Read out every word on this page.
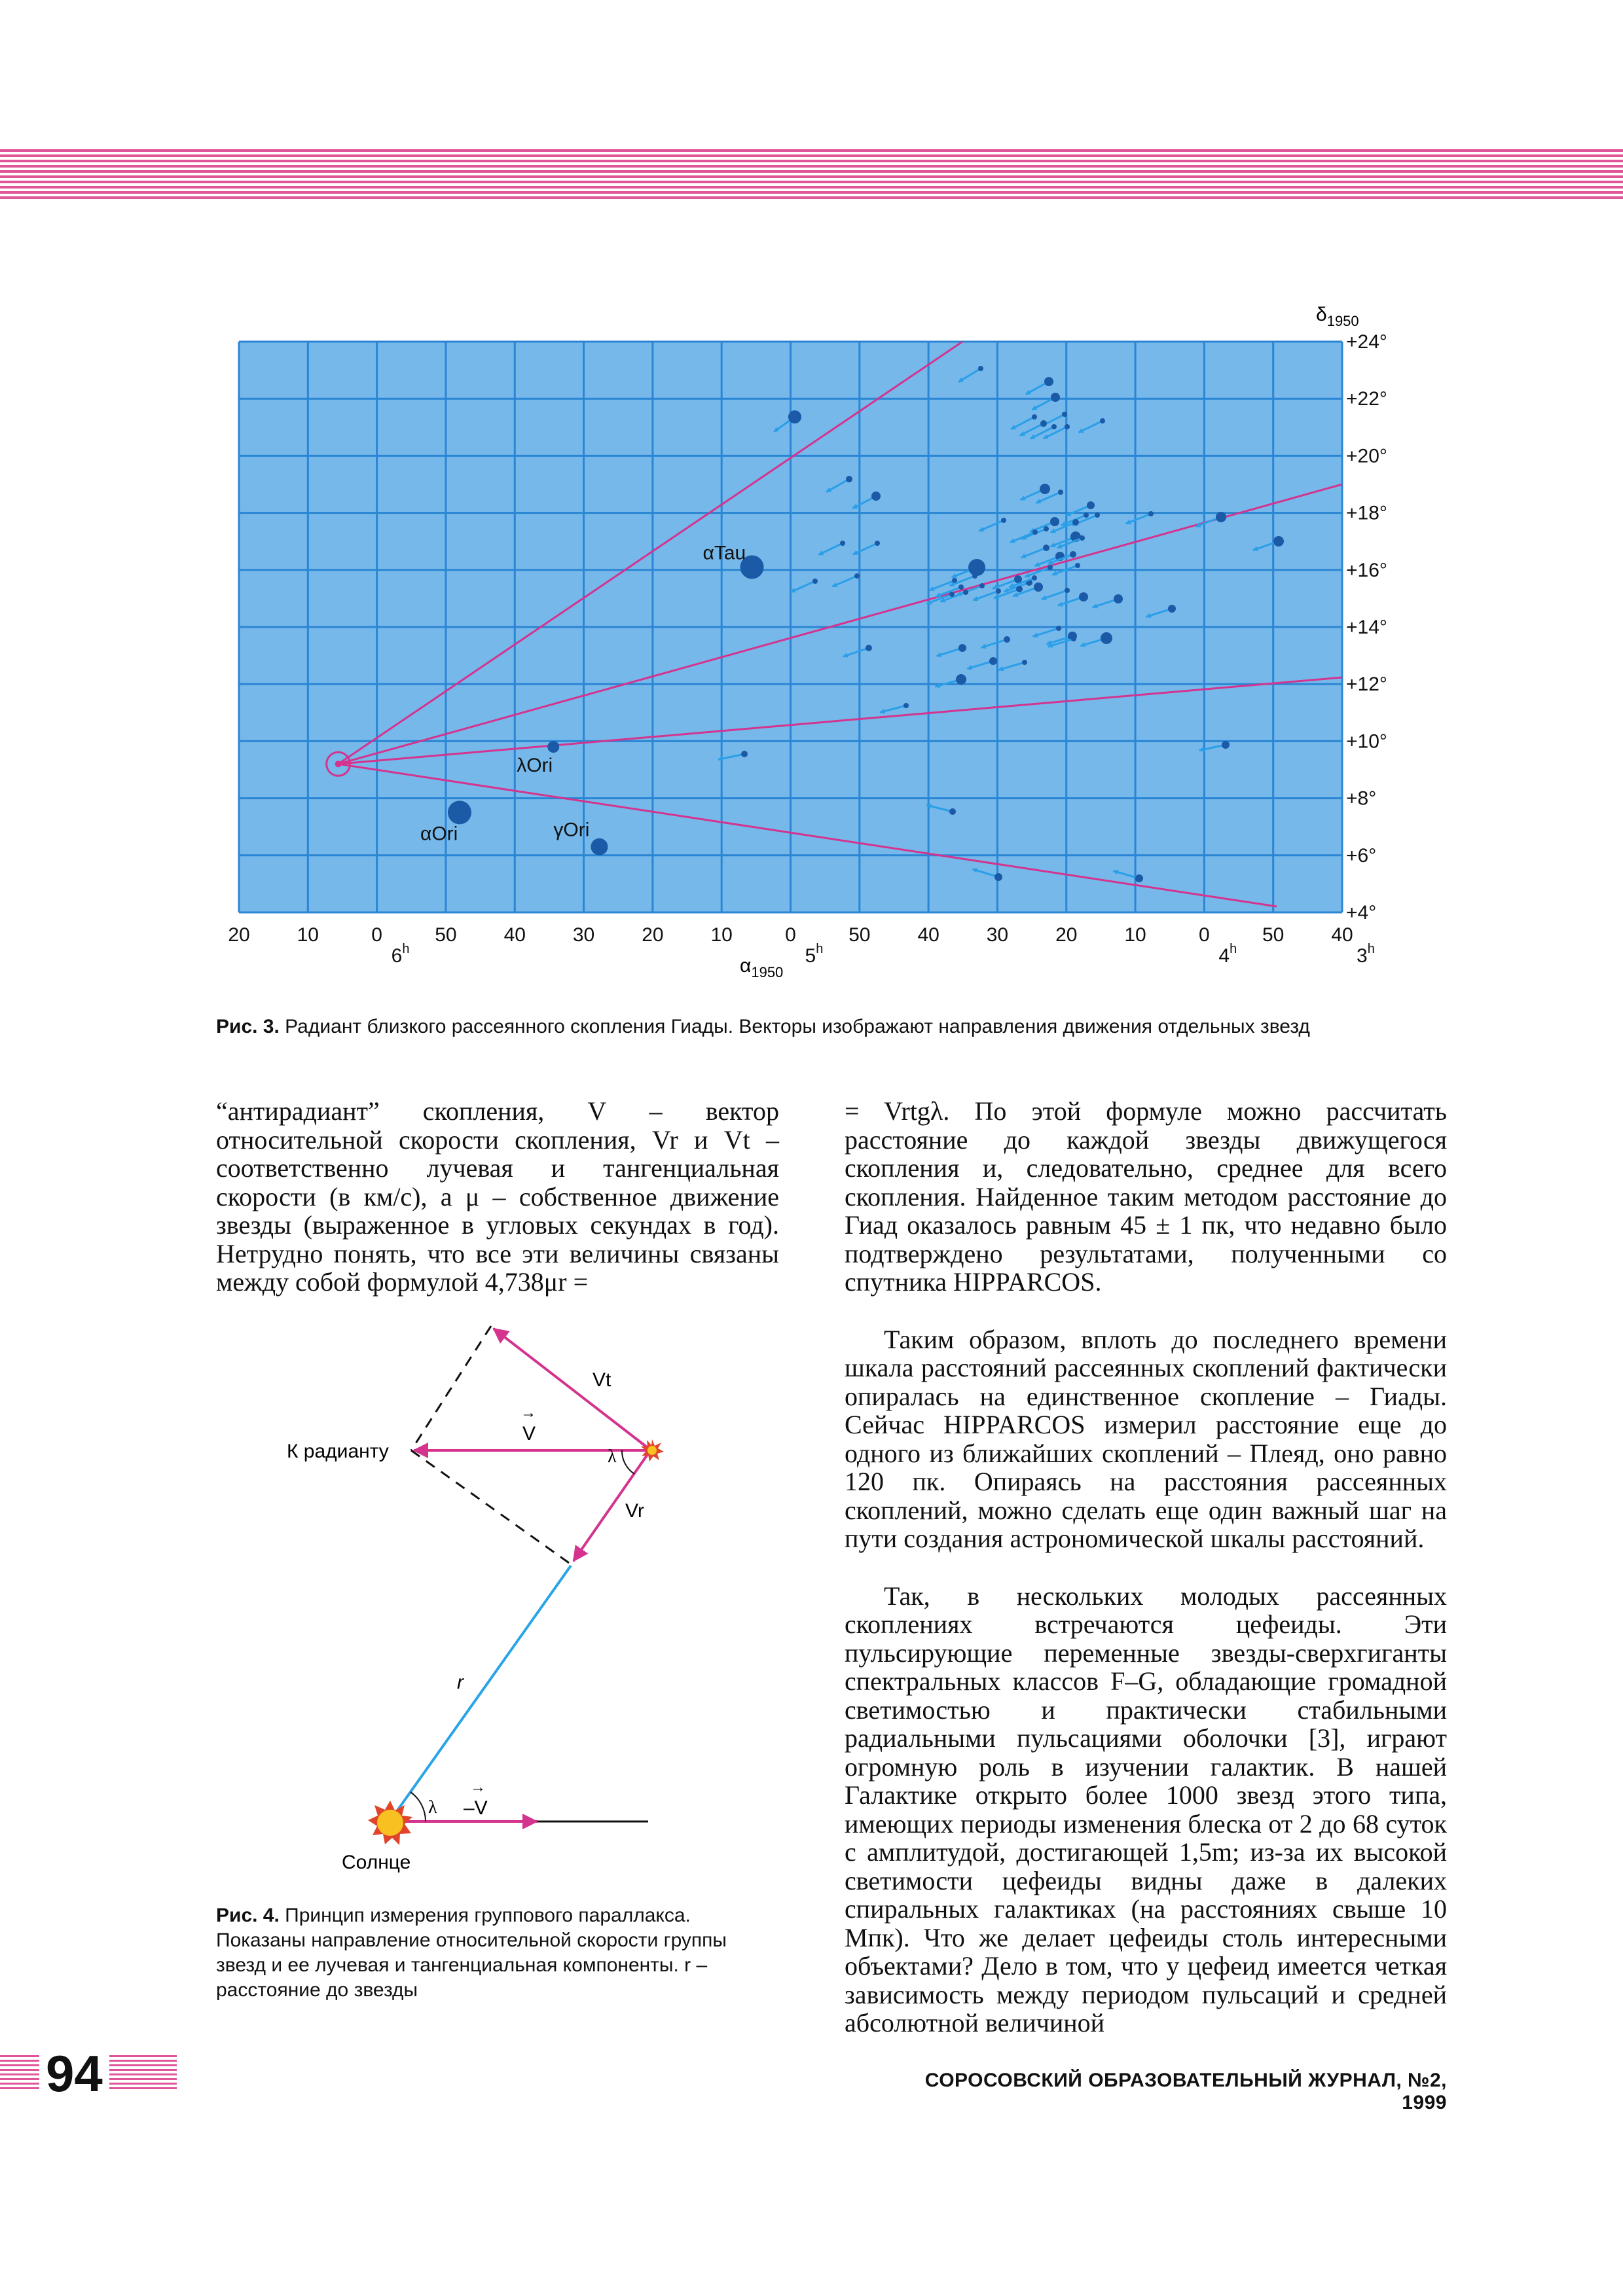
αTau
λOri
αOri	γOri
+24°
+22°
+20°
+18°
+16°
+14°
+12°
+10°
+8°
+6°
+4°
20 10	0	50 40 30 20 10	0	50 40 30 20 10	0	50 40
6$^h$	5$^h$	4$^h$	3$^h$
$\delta_{1950}$
$\alpha_{1950}$
Рис. 3. Радиант близкого рассеянного скопления Гиады. Векторы изображают направления движения отдельных звезд

“антирадиант” скопления, V – вектор относительной скорости скопления, Vr и Vt – соответственно лучевая и тангенциальная скорости (в км/с), а μ – собственное движение звезды (выраженное в угловых секундах в год). Нетрудно понять, что все эти величины связаны между собой формулой 4,738μr =

К радианту
Vt
V
→
λ
Vr
r
λ –V
→
Солнце
Рис. 4. Принцип измерения группового параллакса. Показаны направление относительной скорости группы звезд и ее лучевая и тангенциальная компоненты. r – расстояние до звезды

= Vrtgλ. По этой формуле можно рассчитать расстояние до каждой звезды движущегося скопления и, следовательно, среднее для всего скопления. Найденное таким методом расстояние до Гиад оказалось равным 45 ± 1 пк, что недавно было подтверждено результатами, полученными со спутника HIPPARCOS.

Таким образом, вплоть до последнего времени шкала расстояний рассеянных скоплений фактически опиралась на единственное скопление – Гиады. Сейчас HIPPARCOS измерил расстояние еще до одного из ближайших скоплений – Плеяд, оно равно 120 пк. Опираясь на расстояния рассеянных скоплений, можно сделать еще один важный шаг на пути создания астрономической шкалы расстояний.

Так, в нескольких молодых рассеянных скоплениях встречаются цефеиды. Эти пульсирующие переменные звезды-сверхгиганты спектральных классов F–G, обладающие громадной светимостью и практически стабильными радиальными пульсациями оболочки [3], играют огромную роль в изучении галактик. В нашей Галактике открыто более 1000 звезд этого типа, имеющих периоды изменения блеска от 2 до 68 суток с амплитудой, достигающей 1,5m; из-за их высокой светимости цефеиды видны даже в далеких спиральных галактиках (на расстояниях свыше 10 Мпк). Что же делает цефеиды столь интересными объектами? Дело в том, что у цефеид имеется четкая зависимость между периодом пульсаций и средней абсолютной величиной

94	СОРОСОВСКИЙ ОБРАЗОВАТЕЛЬНЫЙ ЖУРНАЛ, №2, 1999
